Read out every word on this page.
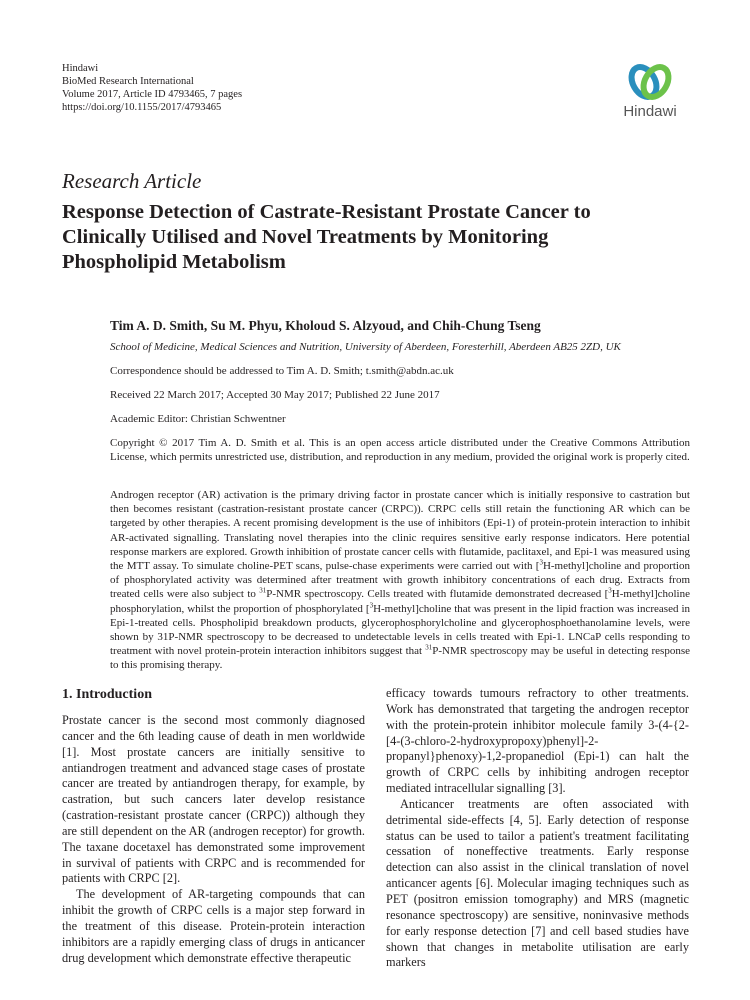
Hindawi
BioMed Research International
Volume 2017, Article ID 4793465, 7 pages
https://doi.org/10.1155/2017/4793465	Hindawi
Research Article
Response Detection of Castrate-Resistant Prostate Cancer to Clinically Utilised and Novel Treatments by Monitoring Phospholipid Metabolism
Tim A. D. Smith, Su M. Phyu, Kholoud S. Alzyoud, and Chih-Chung Tseng
School of Medicine, Medical Sciences and Nutrition, University of Aberdeen, Foresterhill, Aberdeen AB25 2ZD, UK
Correspondence should be addressed to Tim A. D. Smith; t.smith@abdn.ac.uk
Received 22 March 2017; Accepted 30 May 2017; Published 22 June 2017
Academic Editor: Christian Schwentner
Copyright © 2017 Tim A. D. Smith et al. This is an open access article distributed under the Creative Commons Attribution License, which permits unrestricted use, distribution, and reproduction in any medium, provided the original work is properly cited.
Androgen receptor (AR) activation is the primary driving factor in prostate cancer which is initially responsive to castration but then becomes resistant (castration-resistant prostate cancer (CRPC)). CRPC cells still retain the functioning AR which can be targeted by other therapies. A recent promising development is the use of inhibitors (Epi-1) of protein-protein interaction to inhibit AR-activated signalling. Translating novel therapies into the clinic requires sensitive early response indicators. Here potential response markers are explored. Growth inhibition of prostate cancer cells with flutamide, paclitaxel, and Epi-1 was measured using the MTT assay. To simulate choline-PET scans, pulse-chase experiments were carried out with [$^3$H-methyl]choline and proportion of phosphorylated activity was determined after treatment with growth inhibitory concentrations of each drug. Extracts from treated cells were also subject to $^{31}$P-NMR spectroscopy. Cells treated with flutamide demonstrated decreased [$^3$H-methyl]choline phosphorylation, whilst the proportion of phosphorylated [$^3$H-methyl]choline that was present in the lipid fraction was increased in Epi-1-treated cells. Phospholipid breakdown products, glycerophosphorylcholine and glycerophosphoethanolamine levels, were shown by 31P-NMR spectroscopy to be decreased to undetectable levels in cells treated with Epi-1. LNCaP cells responding to treatment with novel protein-protein interaction inhibitors suggest that $^{31}$P-NMR spectroscopy may be useful in detecting response to this promising therapy.
1. Introduction

Prostate cancer is the second most commonly diagnosed cancer and the 6th leading cause of death in men worldwide [1]. Most prostate cancers are initially sensitive to antiandrogen treatment and advanced stage cases of prostate cancer are treated by antiandrogen therapy, for example, by castration, but such cancers later develop resistance (castration-resistant prostate cancer (CRPC)) although they are still dependent on the AR (androgen receptor) for growth. The taxane docetaxel has demonstrated some improvement in survival of patients with CRPC and is recommended for patients with CRPC [2].

The development of AR-targeting compounds that can inhibit the growth of CRPC cells is a major step forward in the treatment of this disease. Protein-protein interaction inhibitors are a rapidly emerging class of drugs in anticancer drug development which demonstrate effective therapeutic

efficacy towards tumours refractory to other treatments. Work has demonstrated that targeting the androgen receptor with the protein-protein inhibitor molecule family 3-(4-{2-[4-(3-chloro-2-hydroxypropoxy)phenyl]-2-propanyl}phenoxy)-1,2-propanediol (Epi-1) can halt the growth of CRPC cells by inhibiting androgen receptor mediated intracellular signalling [3].

Anticancer treatments are often associated with detrimental side-effects [4, 5]. Early detection of response status can be used to tailor a patient's treatment facilitating cessation of noneffective treatments. Early response detection can also assist in the clinical translation of novel anticancer agents [6]. Molecular imaging techniques such as PET (positron emission tomography) and MRS (magnetic resonance spectroscopy) are sensitive, noninvasive methods for early response detection [7] and cell based studies have shown that changes in metabolite utilisation are early markers
